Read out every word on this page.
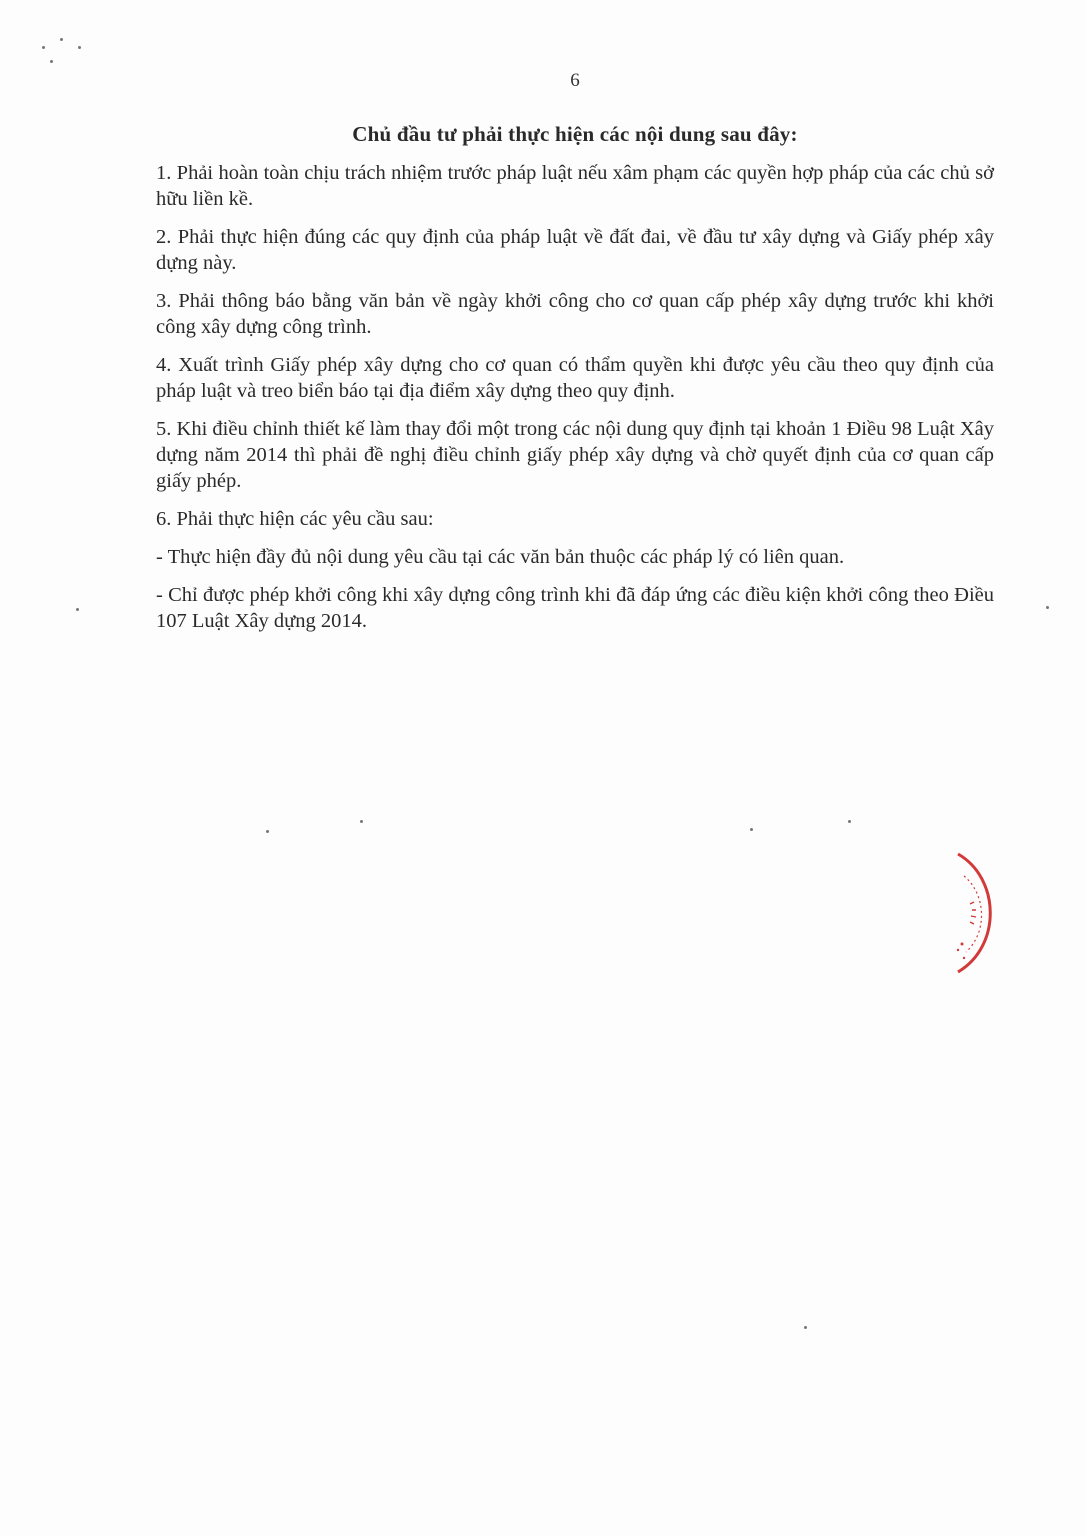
6
Chủ đầu tư phải thực hiện các nội dung sau đây:

1. Phải hoàn toàn chịu trách nhiệm trước pháp luật nếu xâm phạm các quyền hợp pháp của các chủ sở hữu liền kề.

2. Phải thực hiện đúng các quy định của pháp luật về đất đai, về đầu tư xây dựng và Giấy phép xây dựng này.

3. Phải thông báo bằng văn bản về ngày khởi công cho cơ quan cấp phép xây dựng trước khi khởi công xây dựng công trình.

4. Xuất trình Giấy phép xây dựng cho cơ quan có thẩm quyền khi được yêu cầu theo quy định của pháp luật và treo biển báo tại địa điểm xây dựng theo quy định.

5. Khi điều chỉnh thiết kế làm thay đổi một trong các nội dung quy định tại khoản 1 Điều 98 Luật Xây dựng năm 2014 thì phải đề nghị điều chỉnh giấy phép xây dựng và chờ quyết định của cơ quan cấp giấy phép.

6. Phải thực hiện các yêu cầu sau:

- Thực hiện đầy đủ nội dung yêu cầu tại các văn bản thuộc các pháp lý có liên quan.

- Chỉ được phép khởi công khi xây dựng công trình khi đã đáp ứng các điều kiện khởi công theo Điều 107 Luật Xây dựng 2014.
